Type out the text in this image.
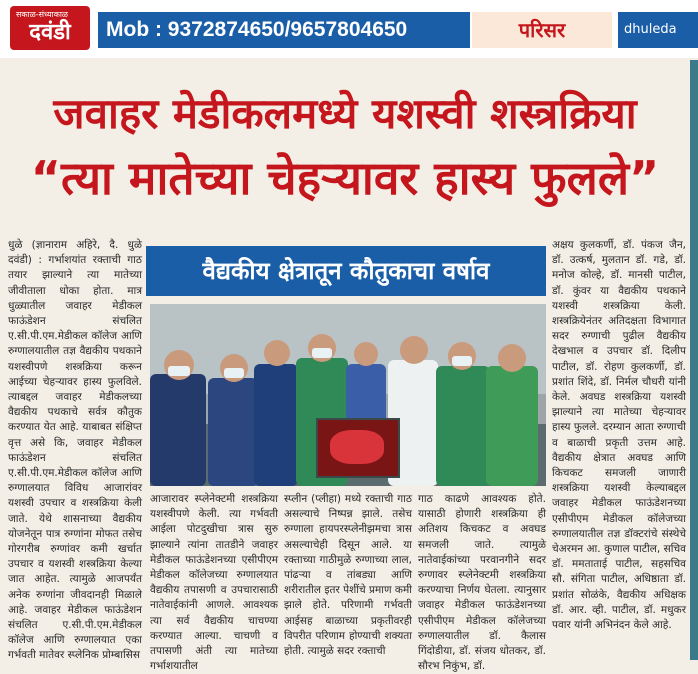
सकाळ-संध्याकाळ
दवंडी	Mob : 9372874650/9657804650	परिसर	dhuleda
जवाहर मेडीकलमध्ये यशस्वी शस्त्रक्रिया
“त्या मातेच्या चेहऱ्यावर हास्य फुलले”
धुळे (ज्ञानाराम अहिरे, दै. धुळे दवंडी) : गर्भाशयांत रक्ताची गाठ तयार झाल्याने त्या मातेच्या जीवीताला धोका होता. मात्र धुळ्यातील जवाहर मेडीकल फाऊंडेशन संचलित ए.सी.पी.एम.मेडीकल कॉलेज आणि रुग्णालयातील तज्ञ वैद्यकीय पथकाने यशस्वीपणे शस्त्रक्रिया करून आईच्या चेहऱ्यावर हास्य फुलविले. त्याबद्दल जवाहर मेडीकलच्या वैद्यकीय पथकाचे सर्वत्र कौतुक करण्यात येत आहे. याबाबत संक्षिप्त वृत्त असे कि, जवाहर मेडीकल फाऊंडेशन संचलित ए.सी.पी.एम.मेडीकल कॉलेज आणि रुग्णालयात विविध आजारांवर यशस्वी उपचार व शस्त्रक्रिया केली जाते. येथे शासनाच्या वैद्यकीय योजनेतून पात्र रुग्णांना मोफत तसेच गोरगरीब रुग्णांवर कमी खर्चात उपचार व यशस्वी शस्त्रक्रिया केल्या जात आहेत. त्यामुळे आजपर्यंत अनेक रुग्णांना जीवदानही मिळाले आहे. जवाहर मेडीकल फाऊंडेशन संचलित ए.सी.पी.एम.मेडीकल कॉलेज आणि रुग्णालयात एका गर्भवती मातेवर स्प्लेनिक प्रोम्बासिस
वैद्यकीय क्षेत्रातून कौतुकाचा वर्षाव
आजारावर स्प्लेनेक्टमी शस्त्रक्रिया यशस्वीपणे केली. त्या गर्भवती आईला पोटदुखीचा त्रास सुरु झाल्याने त्यांना तातडीने जवाहर मेडीकल फाऊंडेशनच्या एसीपीएम मेडीकल कॉलेजच्या रुग्णालयात वैद्यकीय तपासणी व उपचारासाठी नातेवाईकांनी आणले. आवश्यक त्या सर्व वैद्यकीय चाचण्या करण्यात आल्या. चाचणी व तपासणी अंती त्या मातेच्या गर्भाशयातील
स्प्लीन (प्लीहा) मध्ये रक्ताची गाठ असल्याचे निष्पन्न झाले. तसेच रुग्णाला हायपरस्प्लेनीझमचा त्रास असल्याचेही दिसून आले. या रक्ताच्या गाठीमुळे रुग्णाच्या लाल, पांढऱ्या व तांबड्या आणि शरीरातील इतर पेशींचे प्रमाण कमी झाले होते. परिणामी गर्भवती आईसह बाळाच्या प्रकृतीवरही विपरीत परिणाम होण्याची शक्यता होती. त्यामुळे सदर रक्ताची
गाठ काढणे आवश्यक होते. यासाठी होणारी शस्त्रक्रिया ही अतिशय किचकट व अवघड समजली जाते. त्यामुळे नातेवाईकांच्या परवानगीने सदर रुग्णावर स्प्लेनेक्टमी शस्त्रक्रिया करण्याचा निर्णय घेतला. त्यानुसार जवाहर मेडीकल फाऊंडेशनच्या एसीपीएम मेडीकल कॉलेजच्या रुग्णालयातील डॉ. कैलास गिंदोडीया, डॉ. संजय धोतकर, डॉ. सौरभ निकुंभ, डॉ.
अक्षय कुलकर्णी, डॉ. पंकज जैन, डॉ. उत्कर्ष, मुलतान डॉ. गडे, डॉ. मनोज कोल्हे, डॉ. मानसी पाटील, डॉ. कुंवर या वैद्यकीय पथकाने यशस्वी शस्त्रक्रिया केली. शस्त्रक्रियेनंतर अतिदक्षता विभागात सदर रुग्णाची पुढील वैद्यकीय देखभाल व उपचार डॉ. दिलीप पाटील, डॉ. रोहण कुलकर्णी, डॉ. प्रशांत शिंदे, डॉ. निर्मल चौधरी यांनी केले. अवघड शस्त्रक्रिया यशस्वी झाल्याने त्या मातेच्या चेहऱ्यावर हास्य फुलले. दरम्यान आता रुग्णाची व बाळाची प्रकृती उत्तम आहे. वैद्यकीय क्षेत्रात अवघड आणि किचकट समजली जाणारी शस्त्रक्रिया यशस्वी केल्याबद्दल जवाहर मेडीकल फाऊंडेशनच्या एसीपीएम मेडीकल कॉलेजच्या रुग्णालयातील तज्ञ डॉक्टरांचे संस्थेचे चेअरमन आ. कुणाल पाटील, सचिव डॉ. ममताताई पाटील, सहसचिव सौ. संगिता पाटील, अधिष्ठाता डॉ. प्रशांत सोळंके, वैद्यकीय अधिक्षक डॉ. आर. व्ही. पाटील, डॉ. मधुकर पवार यांनी अभिनंदन केले आहे.
